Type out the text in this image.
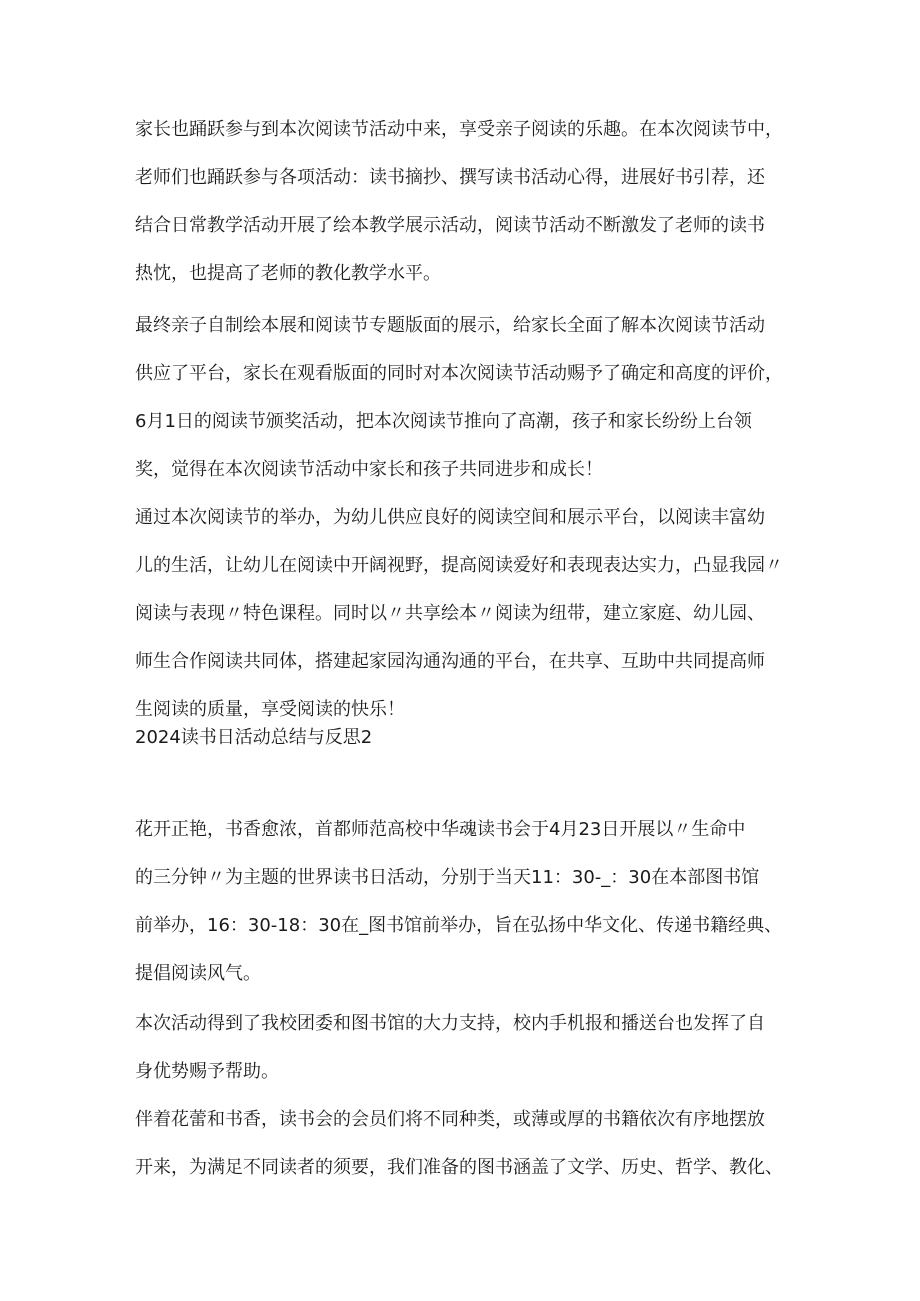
家长也踊跃参与到本次阅读节活动中来，享受亲子阅读的乐趣。在本次阅读节中，
老师们也踊跃参与各项活动：读书摘抄、撰写读书活动心得，进展好书引荐，还
结合日常教学活动开展了绘本教学展示活动，阅读节活动不断激发了老师的读书
热忱，也提高了老师的教化教学水平。

最终亲子自制绘本展和阅读节专题版面的展示，给家长全面了解本次阅读节活动
供应了平台，家长在观看版面的同时对本次阅读节活动赐予了确定和高度的评价，
6月1日的阅读节颁奖活动，把本次阅读节推向了高潮，孩子和家长纷纷上台领
奖，觉得在本次阅读节活动中家长和孩子共同进步和成长！

通过本次阅读节的举办，为幼儿供应良好的阅读空间和展示平台，以阅读丰富幼
儿的生活，让幼儿在阅读中开阔视野，提高阅读爱好和表现表达实力，凸显我园〃
阅读与表现〃特色课程。同时以〃共享绘本〃阅读为纽带，建立家庭、幼儿园、
师生合作阅读共同体，搭建起家园沟通沟通的平台，在共享、互助中共同提高师
生阅读的质量，享受阅读的快乐！

2024读书日活动总结与反思2

花开正艳，书香愈浓，首都师范高校中华魂读书会于4月23日开展以〃生命中
的三分钟〃为主题的世界读书日活动，分别于当天11：30-_：30在本部图书馆
前举办，16：30-18：30在_图书馆前举办，旨在弘扬中华文化、传递书籍经典、
提倡阅读风气。

本次活动得到了我校团委和图书馆的大力支持，校内手机报和播送台也发挥了自
身优势赐予帮助。

伴着花蕾和书香，读书会的会员们将不同种类，或薄或厚的书籍依次有序地摆放
开来，为满足不同读者的须要，我们准备的图书涵盖了文学、历史、哲学、教化、
